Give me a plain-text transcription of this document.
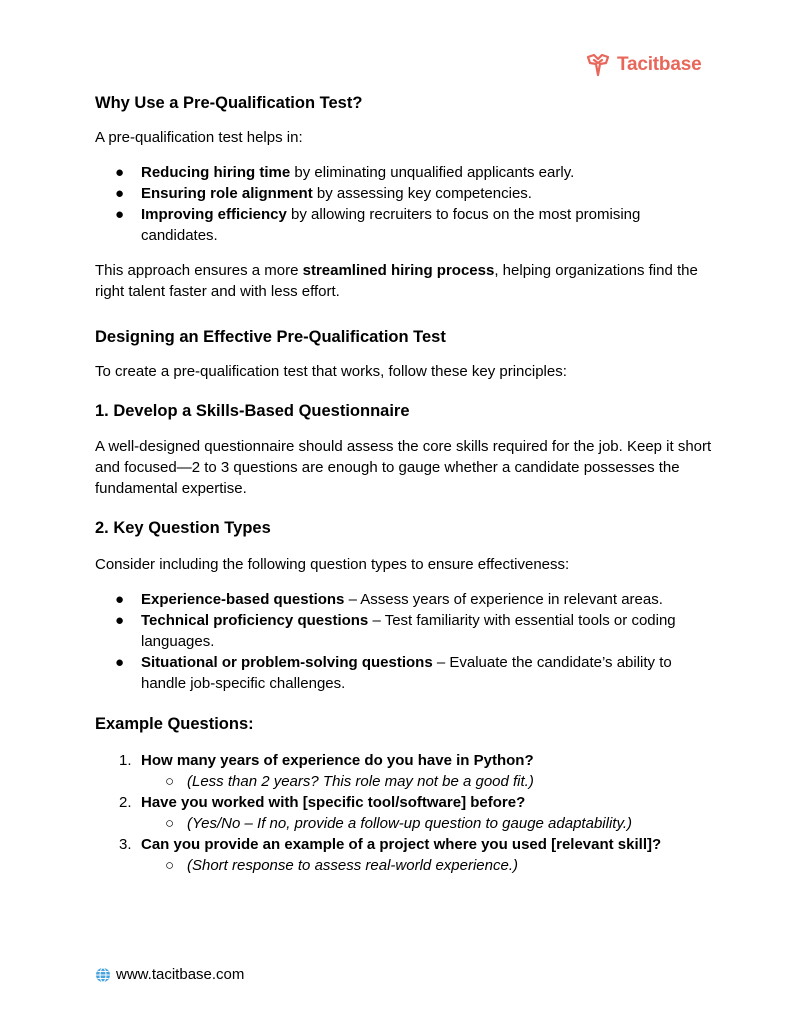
Tacitbase
Why Use a Pre-Qualification Test?

A pre-qualification test helps in:

● Reducing hiring time by eliminating unqualified applicants early.
● Ensuring role alignment by assessing key competencies.
● Improving efficiency by allowing recruiters to focus on the most promising candidates.

This approach ensures a more streamlined hiring process, helping organizations find the right talent faster and with less effort.

Designing an Effective Pre-Qualification Test

To create a pre-qualification test that works, follow these key principles:

1. Develop a Skills-Based Questionnaire

A well-designed questionnaire should assess the core skills required for the job. Keep it short and focused—2 to 3 questions are enough to gauge whether a candidate possesses the fundamental expertise.

2. Key Question Types

Consider including the following question types to ensure effectiveness:

● Experience-based questions – Assess years of experience in relevant areas.
● Technical proficiency questions – Test familiarity with essential tools or coding languages.
● Situational or problem-solving questions – Evaluate the candidate’s ability to handle job-specific challenges.
Example Questions:
1. How many years of experience do you have in Python?
○ (Less than 2 years? This role may not be a good fit.)
2. Have you worked with [specific tool/software] before?
○ (Yes/No – If no, provide a follow-up question to gauge adaptability.)
3. Can you provide an example of a project where you used [relevant skill]?
○ (Short response to assess real-world experience.)
www.tacitbase.com
